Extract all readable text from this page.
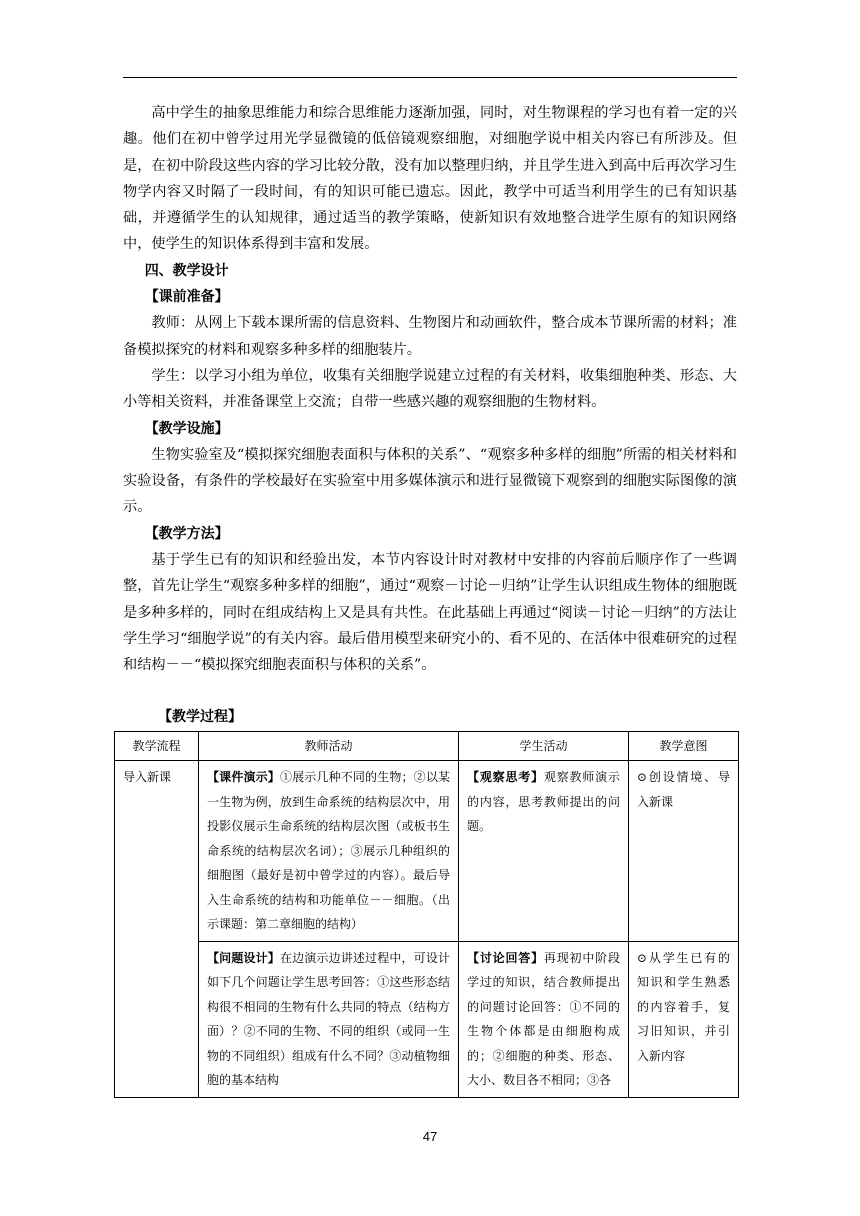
高中学生的抽象思维能力和综合思维能力逐渐加强，同时，对生物课程的学习也有着一定的兴趣。他们在初中曾学过用光学显微镜的低倍镜观察细胞，对细胞学说中相关内容已有所涉及。但是，在初中阶段这些内容的学习比较分散，没有加以整理归纳，并且学生进入到高中后再次学习生物学内容又时隔了一段时间，有的知识可能已遗忘。因此，教学中可适当利用学生的已有知识基础，并遵循学生的认知规律，通过适当的教学策略，使新知识有效地整合进学生原有的知识网络中，使学生的知识体系得到丰富和发展。

四、教学设计

【课前准备】

教师：从网上下载本课所需的信息资料、生物图片和动画软件，整合成本节课所需的材料；准备模拟探究的材料和观察多种多样的细胞装片。

学生：以学习小组为单位，收集有关细胞学说建立过程的有关材料，收集细胞种类、形态、大小等相关资料，并准备课堂上交流；自带一些感兴趣的观察细胞的生物材料。

【教学设施】

生物实验室及“模拟探究细胞表面积与体积的关系”、“观察多种多样的细胞”所需的相关材料和实验设备，有条件的学校最好在实验室中用多媒体演示和进行显微镜下观察到的细胞实际图像的演示。

【教学方法】

基于学生已有的知识和经验出发，本节内容设计时对教材中安排的内容前后顺序作了一些调整，首先让学生“观察多种多样的细胞”，通过“观察－讨论－归纳”让学生认识组成生物体的细胞既是多种多样的，同时在组成结构上又是具有共性。在此基础上再通过“阅读－讨论－归纳”的方法让学生学习“细胞学说”的有关内容。最后借用模型来研究小的、看不见的、在活体中很难研究的过程和结构－－“模拟探究细胞表面积与体积的关系”。

【教学过程】
教学流程	教师活动	学生活动	教学意图
导入新课	【课件演示】①展示几种不同的生物；②以某一生物为例，放到生命系统的结构层次中，用投影仪展示生命系统的结构层次图（或板书生命系统的结构层次名词）；③展示几种组织的细胞图（最好是初中曾学过的内容）。最后导入生命系统的结构和功能单位－－细胞。（出示课题：第二章细胞的结构）	【观察思考】观察教师演示的内容，思考教师提出的问题。	⊙创设情境、导入新课
	【问题设计】在边演示边讲述过程中，可设计如下几个问题让学生思考回答：①这些形态结构很不相同的生物有什么共同的特点（结构方面）？②不同的生物、不同的组织（或同一生物的不同组织）组成有什么不同？③动植物细胞的基本结构	【讨论回答】再现初中阶段学过的知识，结合教师提出的问题讨论回答：①不同的生物个体都是由细胞构成的；②细胞的种类、形态、大小、数目各不相同；③各	⊙从学生已有的知识和学生熟悉的内容着手，复习旧知识，并引入新内容
47
